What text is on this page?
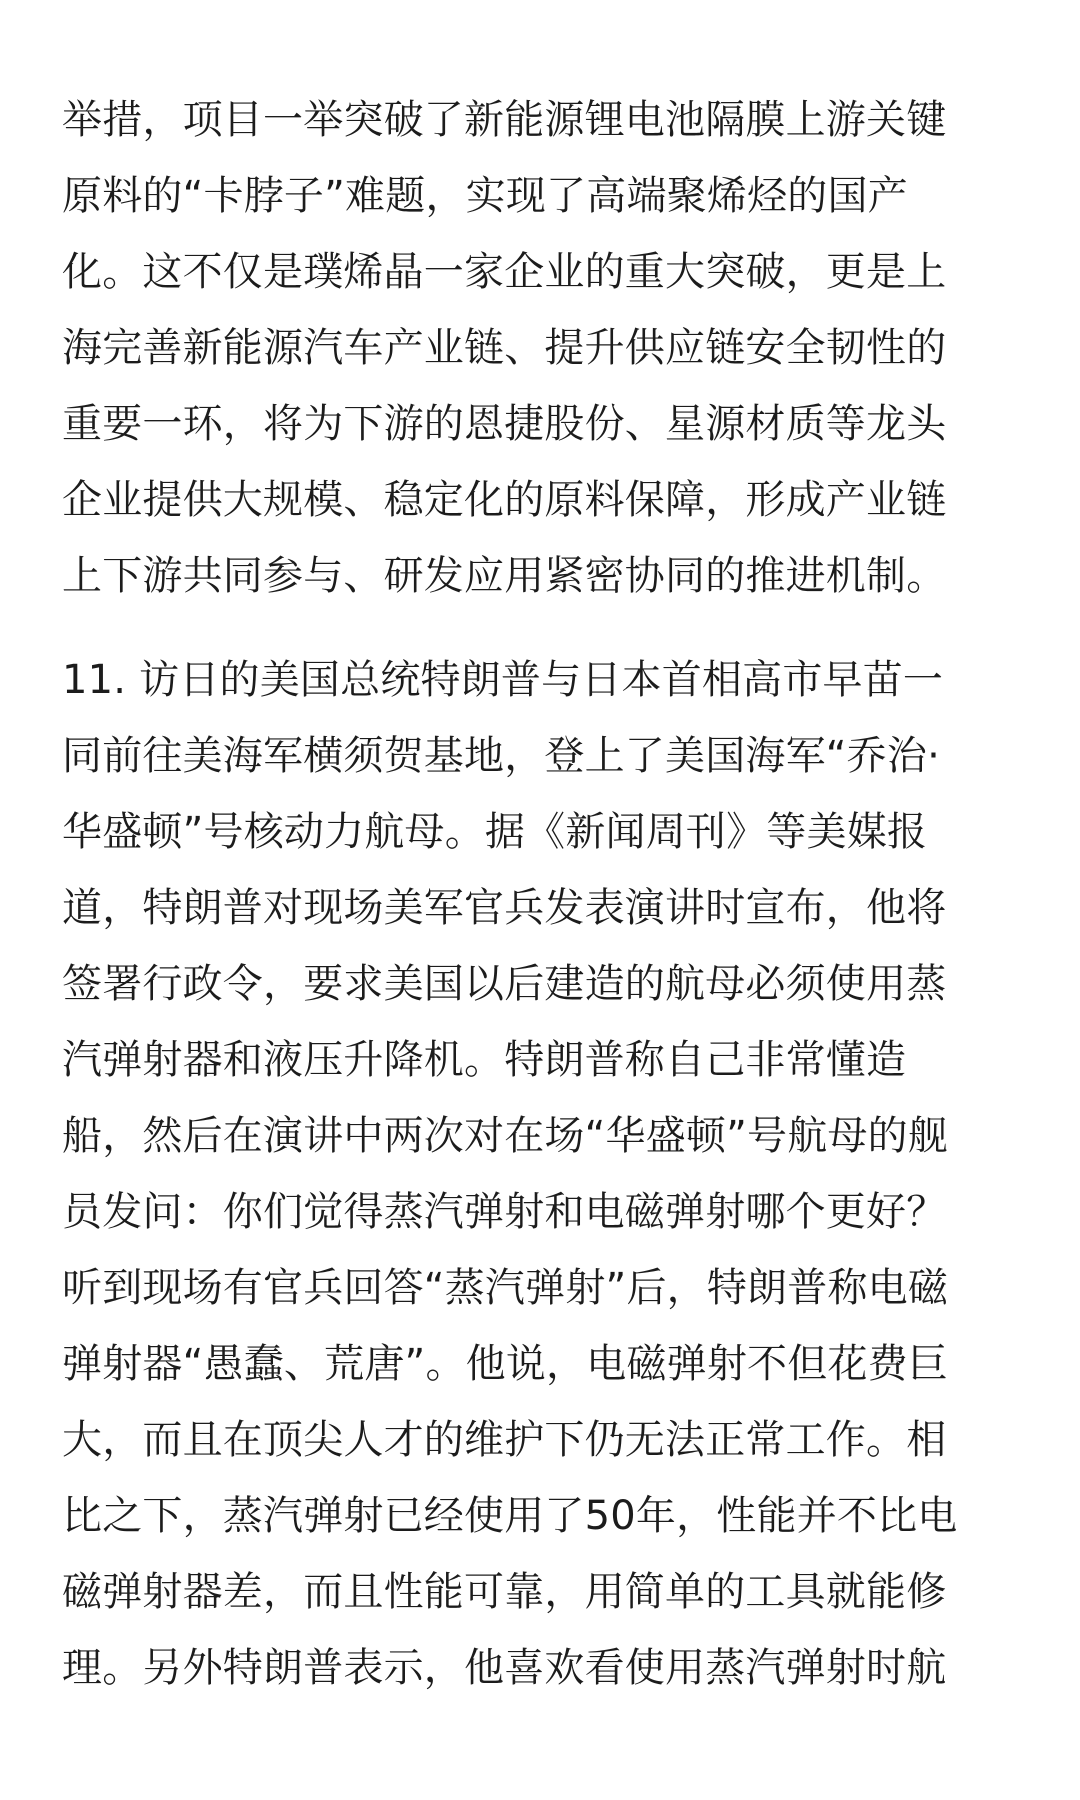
举措，项目一举突破了新能源锂电池隔膜上游关键
原料的“卡脖子”难题，实现了高端聚烯烃的国产
化。这不仅是璞烯晶一家企业的重大突破，更是上
海完善新能源汽车产业链、提升供应链安全韧性的
重要一环，将为下游的恩捷股份、星源材质等龙头
企业提供大规模、稳定化的原料保障，形成产业链
上下游共同参与、研发应用紧密协同的推进机制。
11. 访日的美国总统特朗普与日本首相高市早苗一
同前往美海军横须贺基地，登上了美国海军“乔治·
华盛顿”号核动力航母。据《新闻周刊》等美媒报
道，特朗普对现场美军官兵发表演讲时宣布，他将
签署行政令，要求美国以后建造的航母必须使用蒸
汽弹射器和液压升降机。特朗普称自己非常懂造
船，然后在演讲中两次对在场“华盛顿”号航母的舰
员发问：你们觉得蒸汽弹射和电磁弹射哪个更好？
听到现场有官兵回答“蒸汽弹射”后，特朗普称电磁
弹射器“愚蠢、荒唐”。他说，电磁弹射不但花费巨
大，而且在顶尖人才的维护下仍无法正常工作。相
比之下，蒸汽弹射已经使用了50年，性能并不比电
磁弹射器差，而且性能可靠，用简单的工具就能修
理。另外特朗普表示，他喜欢看使用蒸汽弹射时航
